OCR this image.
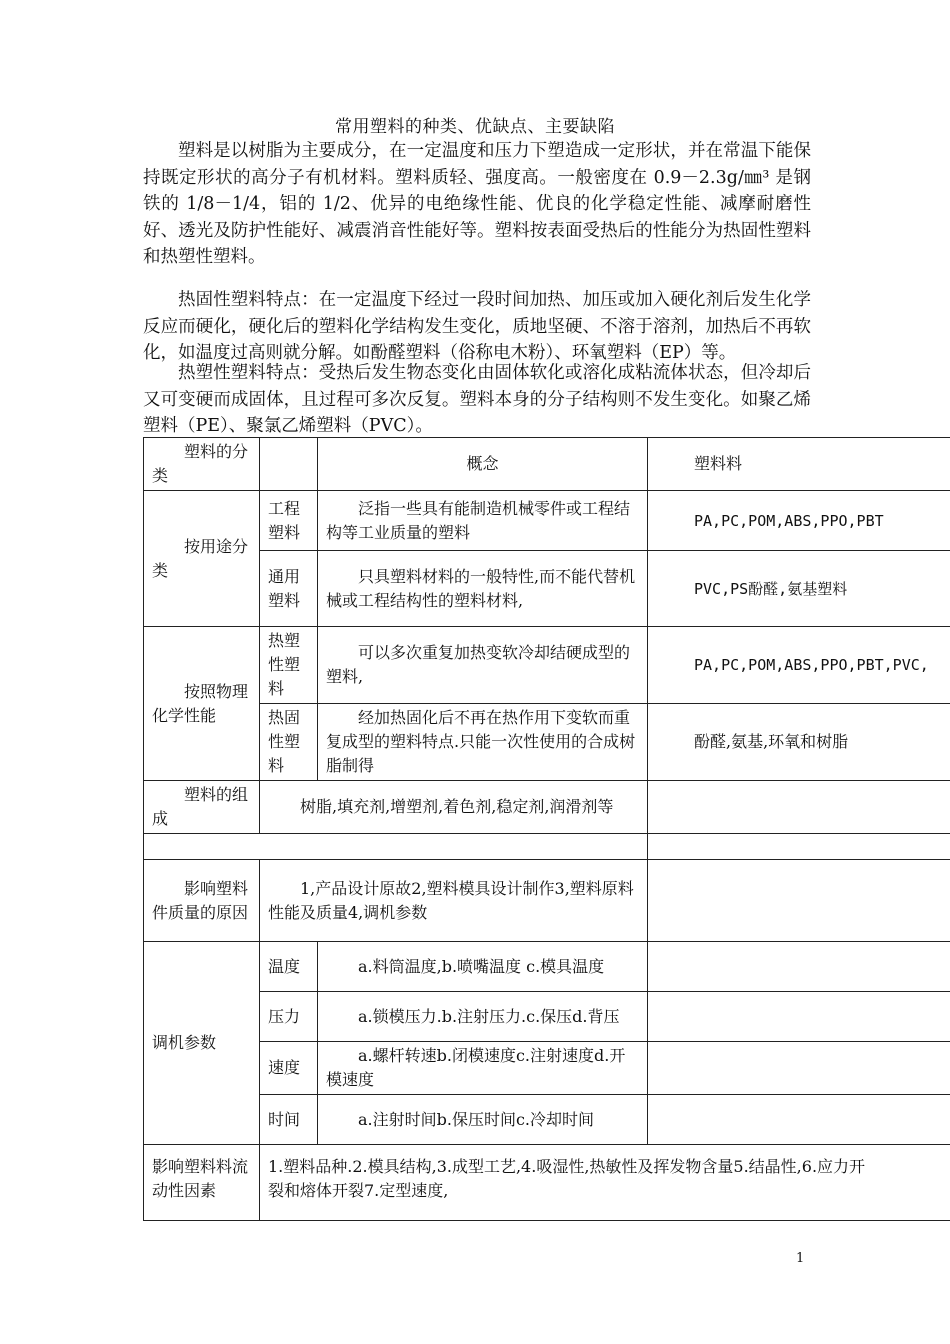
常用塑料的种类、优缺点、主要缺陷

塑料是以树脂为主要成分，在一定温度和压力下塑造成一定形状，并在常温下能保持既定形状的高分子有机材料。塑料质轻、强度高。一般密度在 0.9－2.3g/㎜³ 是钢铁的 1/8－1/4，铝的 1/2、优异的电绝缘性能、优良的化学稳定性能、减摩耐磨性好、透光及防护性能好、减震消音性能好等。塑料按表面受热后的性能分为热固性塑料和热塑性塑料。

热固性塑料特点：在一定温度下经过一段时间加热、加压或加入硬化剂后发生化学反应而硬化，硬化后的塑料化学结构发生变化，质地坚硬、不溶于溶剂，加热后不再软化，如温度过高则就分解。如酚醛塑料（俗称电木粉）、环氧塑料（EP）等。

热塑性塑料特点：受热后发生物态变化由固体软化或溶化成粘流体状态，但冷却后又可变硬而成固体，且过程可多次反复。塑料本身的分子结构则不发生变化。如聚乙烯塑料（PE）、聚氯乙烯塑料（PVC）。

塑料的分类		概念	塑料料
按用途分类	工程塑料	泛指一些具有能制造机械零件或工程结构等工业质量的塑料	PA,PC,POM,ABS,PPO,PBT
	通用塑料	只具塑料材料的一般特性,而不能代替机械或工程结构性的塑料材料,	PVC,PS酚醛,氨基塑料
按照物理化学性能	热塑性塑料	可以多次重复加热变软冷却结硬成型的塑料,	PA,PC,POM,ABS,PPO,PBT,PVC,
	热固性塑料	经加热固化后不再在热作用下变软而重复成型的塑料特点.只能一次性使用的合成树脂制得	酚醛,氨基,环氧和树脂
塑料的组成	树脂,填充剂,增塑剂,着色剂,稳定剂,润滑剂等		

影响塑料件质量的原因	1,产品设计原故2,塑料模具设计制作3,塑料原料性能及质量4,调机参数		
调机参数	温度	a.料筒温度,b.喷嘴温度 c.模具温度	
	压力	a.锁模压力.b.注射压力.c.保压d.背压	
	速度	a.螺杆转速b.闭模速度c.注射速度d.开模速度	
	时间	a.注射时间b.保压时间c.冷却时间	
影响塑料料流动性因素	1.塑料品种.2.模具结构,3.成型工艺,4.吸湿性,热敏性及挥发物含量5.结晶性,6.应力开裂和熔体开裂7.定型速度,		
1
